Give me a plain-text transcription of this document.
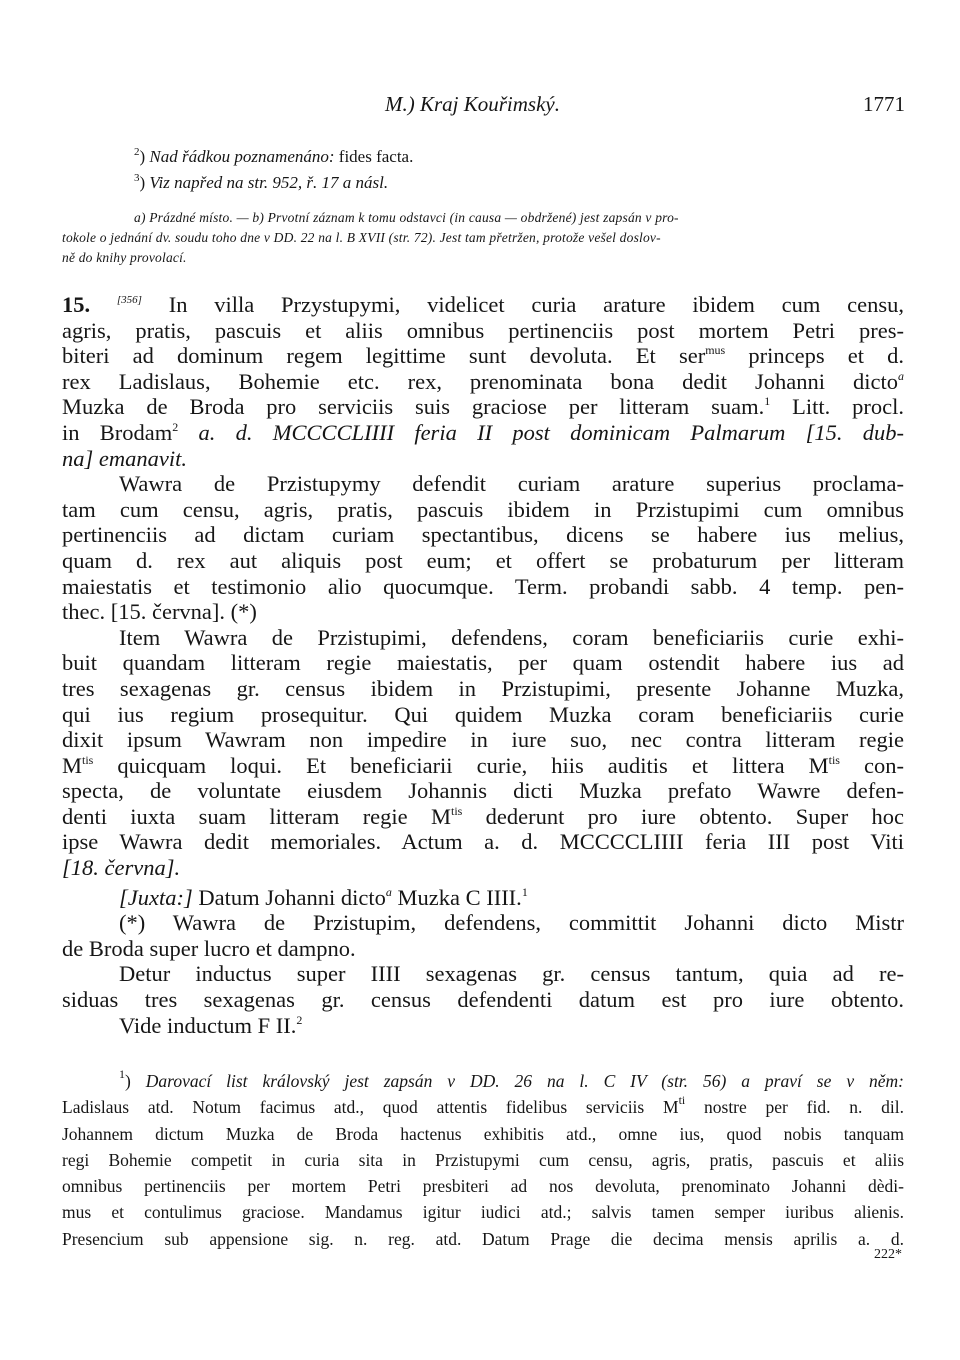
M.) Kraj Kouřimský.	1771
$^2$) Nad řádkou poznamenáno: fides facta.
$^3$) Viz napřed na str. 952, ř. 17 a násl.
a) Prázdné místo. — b) Prvotní záznam k tomu odstavci (in causa — obdržené) jest zapsán v pro-
tokole o jednání dv. soudu toho dne v DD. 22 na l. B XVII (str. 72). Jest tam přetržen, protože vešel doslov-
ně do knihy provolací.
15. [356] In villa Przystupymi, videlicet curia arature ibidem cum censu,
agris, pratis, pascuis et aliis omnibus pertinenciis post mortem Petri pres-
biteri ad dominum regem legittime sunt devoluta. Et ser$^{mus}$ princeps et d.
rex Ladislaus, Bohemie etc. rex, prenominata bona dedit Johanni dicto$^a$
Muzka de Broda pro serviciis suis graciose per litteram suam.$^1$ Litt. procl.
in Brodam$^2$ a. d. MCCCCLIIII feria II post dominicam Palmarum [15. dub-
na] emanavit.
Wawra de Przistupymy defendit curiam arature superius proclama-
tam cum censu, agris, pratis, pascuis ibidem in Przistupimi cum omnibus
pertinenciis ad dictam curiam spectantibus, dicens se habere ius melius,
quam d. rex aut aliquis post eum; et offert se probaturum per litteram
maiestatis et testimonio alio quocumque. Term. probandi sabb. 4 temp. pen-
thec. [15. června]. (*)
Item Wawra de Przistupimi, defendens, coram beneficiariis curie exhi-
buit quandam litteram regie maiestatis, per quam ostendit habere ius ad
tres sexagenas gr. census ibidem in Przistupimi, presente Johanne Muzka,
qui ius regium prosequitur. Qui quidem Muzka coram beneficiariis curie
dixit ipsum Wawram non impedire in iure suo, nec contra litteram regie
$M^{tis}$ quicquam loqui. Et beneficiarii curie, hiis auditis et littera $M^{tis}$ con-
specta, de voluntate eiusdem Johannis dicti Muzka prefato Wawre defen-
denti iuxta suam litteram regie $M^{tis}$ dederunt pro iure obtento. Super hoc
ipse Wawra dedit memoriales. Actum a. d. MCCCCLIIII feria III post Viti
[18. června].
[Juxta:] Datum Johanni dicto$^a$ Muzka C IIII.$^1$
(*) Wawra de Przistupim, defendens, committit Johanni dicto Mistr
de Broda super lucro et dampno.
Detur inductus super IIII sexagenas gr. census tantum, quia ad re-
siduas tres sexagenas gr. census defendenti datum est pro iure obtento.
Vide inductum F II.$^2$
$^1$) Darovací list královský jest zapsán v DD. 26 na l. C IV (str. 56) a praví se v něm:
Ladislaus atd. Notum facimus atd., quod attentis fidelibus serviciis $M^{ti}$ nostre per fid. n. dil.
Johannem dictum Muzka de Broda hactenus exhibitis atd., omne ius, quod nobis tanquam
regi Bohemie competit in curia sita in Przistupymi cum censu, agris, pratis, pascuis et aliis
omnibus pertinenciis per mortem Petri presbiteri ad nos devoluta, prenominato Johanni dèdi-
mus et contulimus graciose. Mandamus igitur iudici atd.; salvis tamen semper iuribus alienis.
Presencium sub appensione sig. n. reg. atd. Datum Prage die decima mensis aprilis a. d.
222*
